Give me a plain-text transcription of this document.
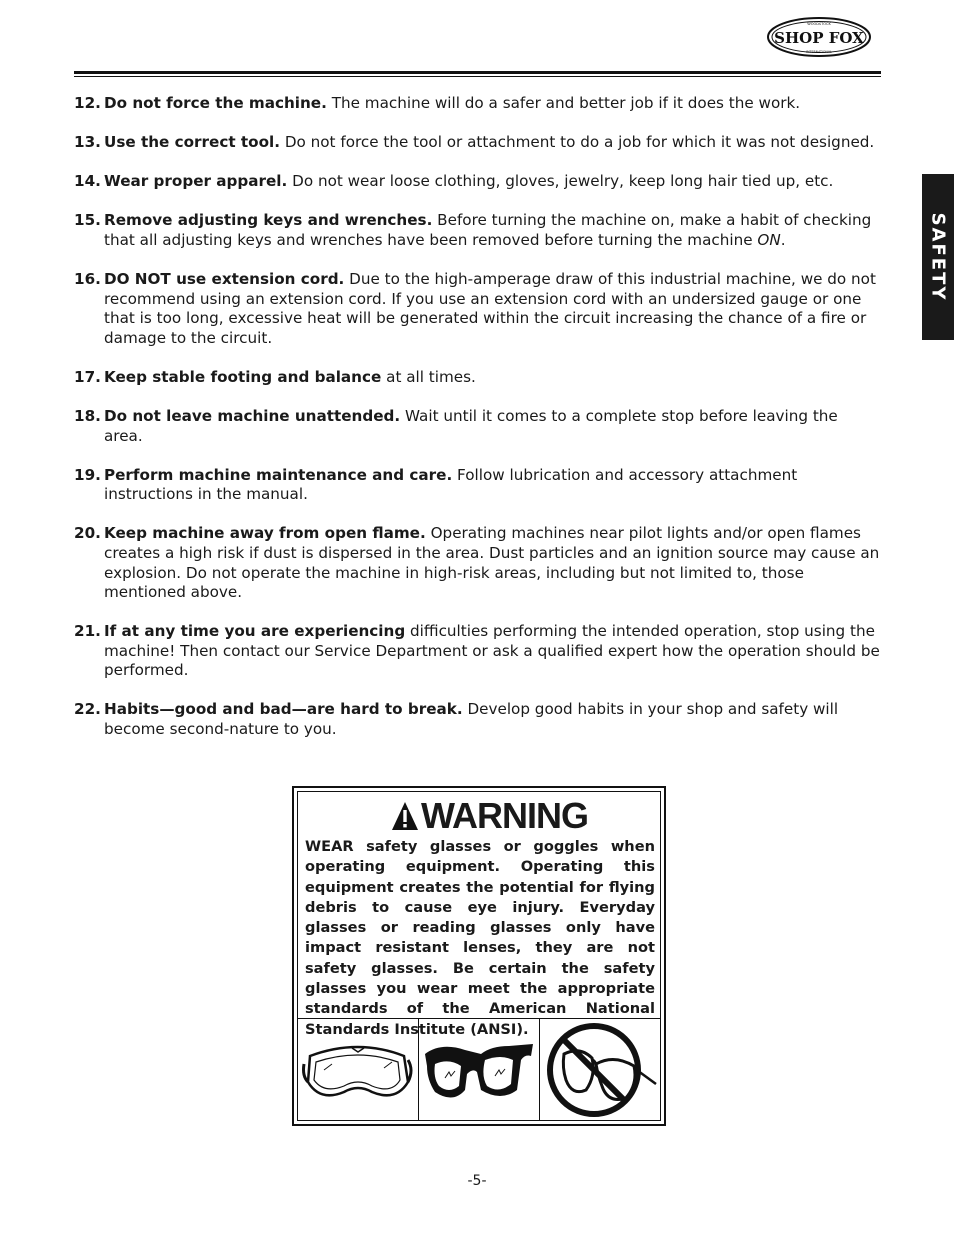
SHOP FOX
WOODSTOCK
INTERNATIONAL
SAFETY
12. Do not force the machine. The machine will do a safer and better job if it does the work.
13. Use the correct tool. Do not force the tool or attachment to do a job for which it was not designed.
14. Wear proper apparel. Do not wear loose clothing, gloves, jewelry, keep long hair tied up, etc.
15. Remove adjusting keys and wrenches. Before turning the machine on, make a habit of checking that all adjusting keys and wrenches have been removed before turning the machine ON.
16. DO NOT use extension cord. Due to the high-amperage draw of this industrial machine, we do not recommend using an extension cord. If you use an extension cord with an undersized gauge or one that is too long, excessive heat will be generated within the circuit increasing the chance of a fire or damage to the circuit.
17. Keep stable footing and balance at all times.
18. Do not leave machine unattended. Wait until it comes to a complete stop before leaving the area.
19. Perform machine maintenance and care. Follow lubrication and accessory attachment instructions in the manual.
20. Keep machine away from open flame. Operating machines near pilot lights and/or open flames creates a high risk if dust is dispersed in the area. Dust particles and an ignition source may cause an explosion. Do not operate the machine in high-risk areas, including but not limited to, those mentioned above.
21. If at any time you are experiencing difficulties performing the intended operation, stop using the machine! Then contact our Service Department or ask a qualified expert how the operation should be performed.
22. Habits—good and bad—are hard to break. Develop good habits in your shop and safety will become second-nature to you.
WARNING
WEAR safety glasses or goggles when operating equipment. Operating this equipment creates the potential for flying debris to cause eye injury. Everyday glasses or reading glasses only have impact resistant lenses, they are not safety glasses. Be certain the safety glasses you wear meet the appropriate standards of the American National Standards Institute (ANSI).
-5-
